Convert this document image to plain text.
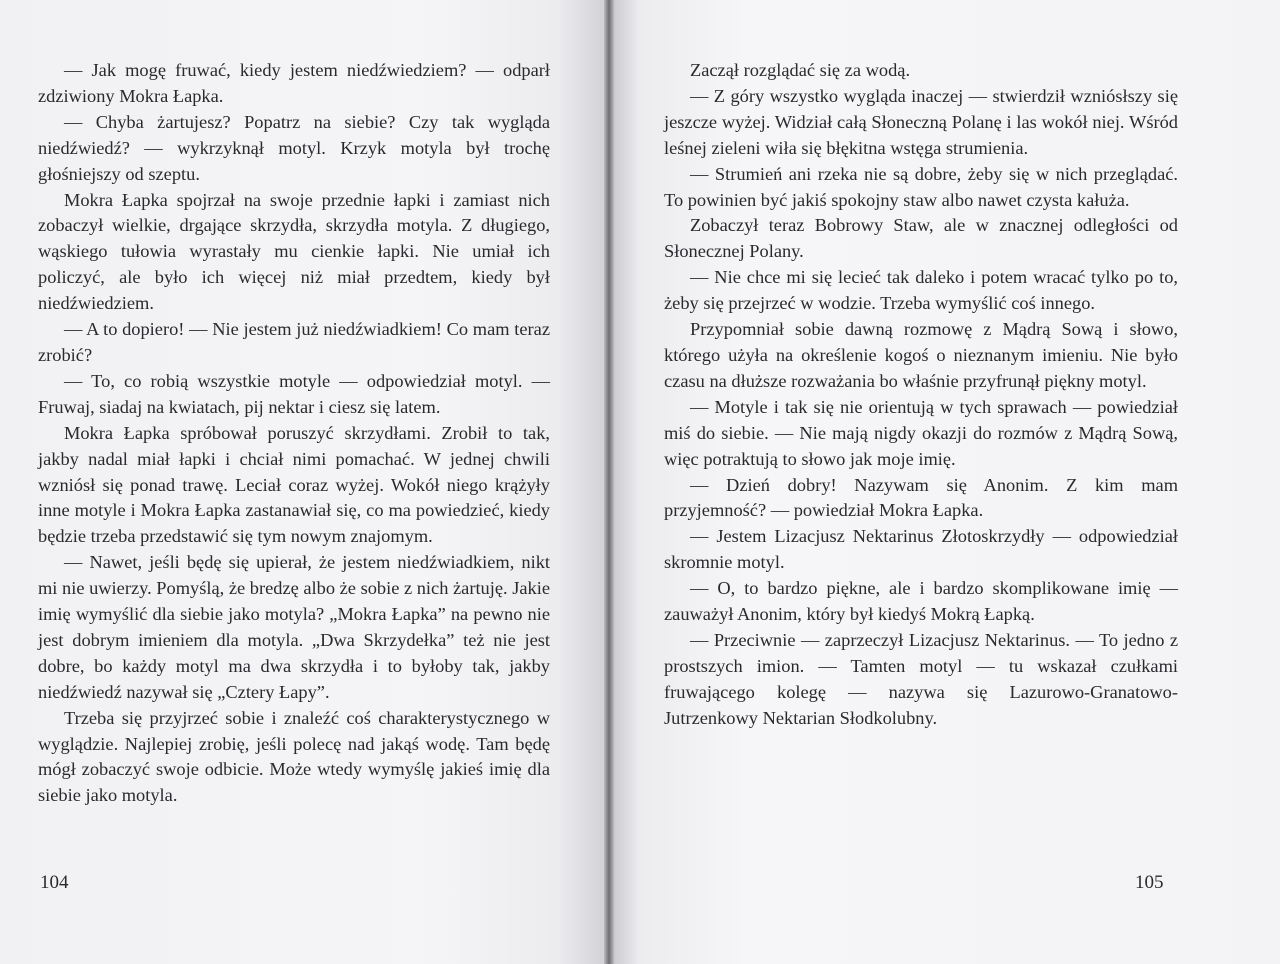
— Jak mogę fruwać, kiedy jestem niedźwiedziem? — odparł zdziwiony Mokra Łapka.

— Chyba żartujesz? Popatrz na siebie? Czy tak wygląda niedźwiedź? — wykrzyknął motyl. Krzyk motyla był trochę głośniejszy od szeptu.

Mokra Łapka spojrzał na swoje przednie łapki i zamiast nich zobaczył wielkie, drgające skrzydła, skrzydła motyla. Z długiego, wąskiego tułowia wyrastały mu cienkie łapki. Nie umiał ich policzyć, ale było ich więcej niż miał przedtem, kiedy był niedźwiedziem.

— A to dopiero! — Nie jestem już niedźwiadkiem! Co mam teraz zrobić?

— To, co robią wszystkie motyle — odpowiedział motyl. — Fruwaj, siadaj na kwiatach, pij nektar i ciesz się latem.

Mokra Łapka spróbował poruszyć skrzydłami. Zrobił to tak, jakby nadal miał łapki i chciał nimi pomachać. W jednej chwili wzniósł się ponad trawę. Leciał coraz wyżej. Wokół niego krążyły inne motyle i Mokra Łapka zastanawiał się, co ma powiedzieć, kiedy będzie trzeba przedstawić się tym nowym znajomym.

— Nawet, jeśli będę się upierał, że jestem niedźwiadkiem, nikt mi nie uwierzy. Pomyślą, że bredzę albo że sobie z nich żartuję. Jakie imię wymyślić dla siebie jako motyla? „Mokra Łapka” na pewno nie jest dobrym imieniem dla motyla. „Dwa Skrzydełka” też nie jest dobre, bo każdy motyl ma dwa skrzydła i to byłoby tak, jakby niedźwiedź nazywał się „Cztery Łapy”.

Trzeba się przyjrzeć sobie i znaleźć coś charakterystycznego w wyglądzie. Najlepiej zrobię, jeśli polecę nad jakąś wodę. Tam będę mógł zobaczyć swoje odbicie. Może wtedy wymyślę jakieś imię dla siebie jako motyla.

104

Zaczął rozglądać się za wodą.

— Z góry wszystko wygląda inaczej — stwierdził wzniósłszy się jeszcze wyżej. Widział całą Słoneczną Polanę i las wokół niej. Wśród leśnej zieleni wiła się błękitna wstęga strumienia.

— Strumień ani rzeka nie są dobre, żeby się w nich przeglądać. To powinien być jakiś spokojny staw albo nawet czysta kałuża.

Zobaczył teraz Bobrowy Staw, ale w znacznej odległości od Słonecznej Polany.

— Nie chce mi się lecieć tak daleko i potem wracać tylko po to, żeby się przejrzeć w wodzie. Trzeba wymyślić coś innego.

Przypomniał sobie dawną rozmowę z Mądrą Sową i słowo, którego użyła na określenie kogoś o nieznanym imieniu. Nie było czasu na dłuższe rozważania bo właśnie przyfrunął piękny motyl.

— Motyle i tak się nie orientują w tych sprawach — powiedział miś do siebie. — Nie mają nigdy okazji do rozmów z Mądrą Sową, więc potraktują to słowo jak moje imię.

— Dzień dobry! Nazywam się Anonim. Z kim mam przyjemność? — powiedział Mokra Łapka.

— Jestem Lizacjusz Nektarinus Złotoskrzydły — odpowiedział skromnie motyl.

— O, to bardzo piękne, ale i bardzo skomplikowane imię — zauważył Anonim, który był kiedyś Mokrą Łapką.

— Przeciwnie — zaprzeczył Lizacjusz Nektarinus. — To jedno z prostszych imion. — Tamten motyl — tu wskazał czułkami fruwającego kolegę — nazywa się Lazurowo-Granatowo-Jutrzenkowy Nektarian Słodkolubny.

105
